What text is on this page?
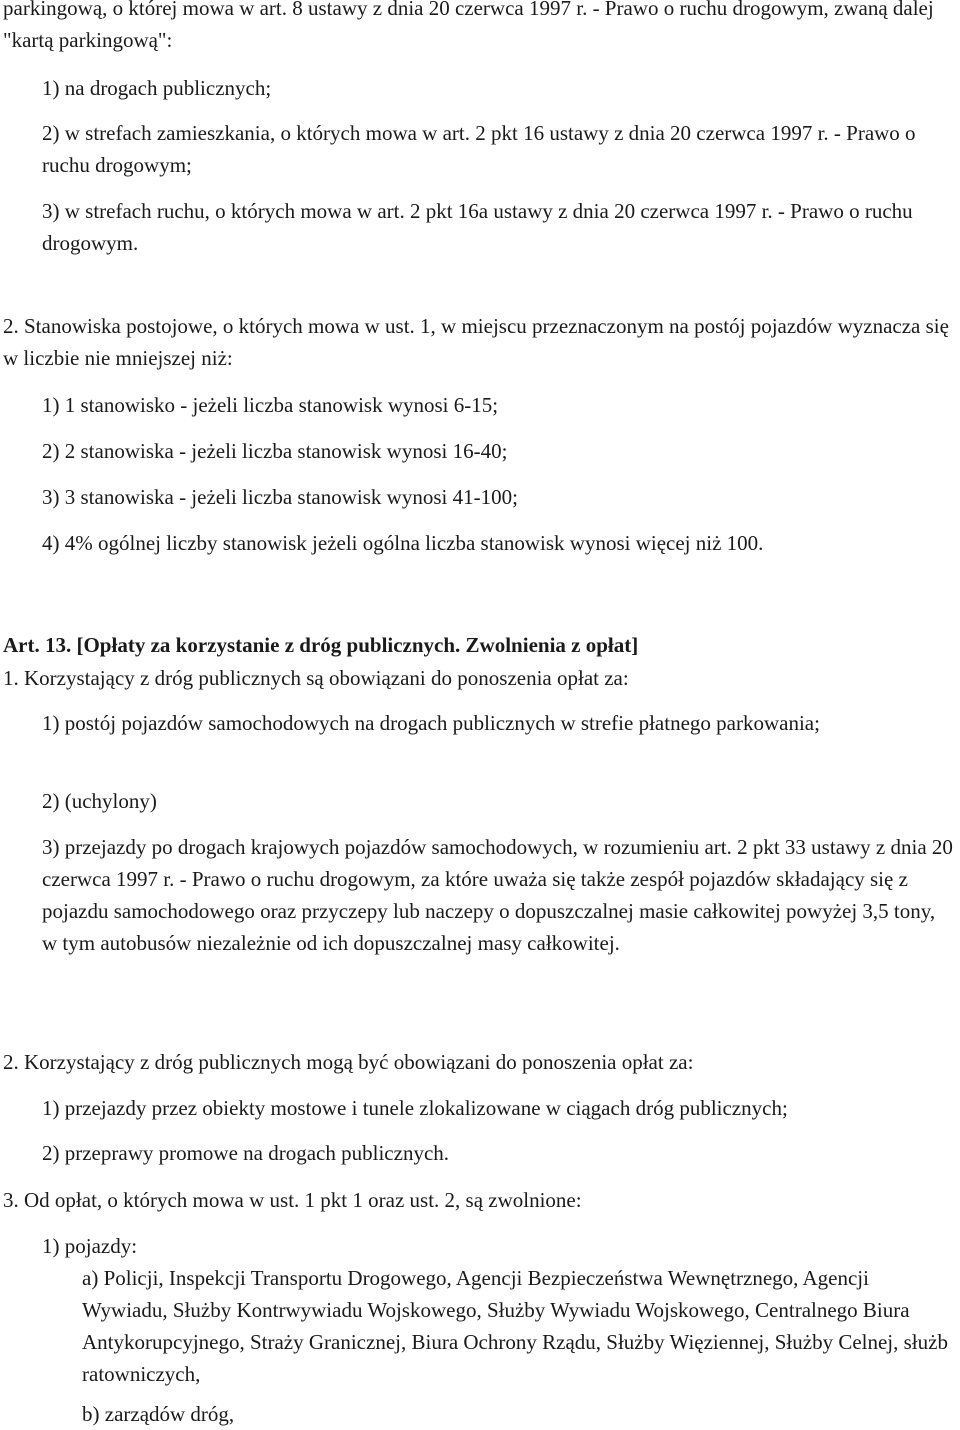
parkingową, o której mowa w art. 8 ustawy z dnia 20 czerwca 1997 r. - Prawo o ruchu drogowym, zwaną dalej "kartą parkingową":

1) na drogach publicznych;

2) w strefach zamieszkania, o których mowa w art. 2 pkt 16 ustawy z dnia 20 czerwca 1997 r. - Prawo o ruchu drogowym;

3) w strefach ruchu, o których mowa w art. 2 pkt 16a ustawy z dnia 20 czerwca 1997 r. - Prawo o ruchu drogowym.

2. Stanowiska postojowe, o których mowa w ust. 1, w miejscu przeznaczonym na postój pojazdów wyznacza się w liczbie nie mniejszej niż:

1) 1 stanowisko - jeżeli liczba stanowisk wynosi 6-15;

2) 2 stanowiska - jeżeli liczba stanowisk wynosi 16-40;

3) 3 stanowiska - jeżeli liczba stanowisk wynosi 41-100;

4) 4% ogólnej liczby stanowisk jeżeli ogólna liczba stanowisk wynosi więcej niż 100.

Art. 13. [Opłaty za korzystanie z dróg publicznych. Zwolnienia z opłat]

1. Korzystający z dróg publicznych są obowiązani do ponoszenia opłat za:

1) postój pojazdów samochodowych na drogach publicznych w strefie płatnego parkowania;

2) (uchylony)

3) przejazdy po drogach krajowych pojazdów samochodowych, w rozumieniu art. 2 pkt 33 ustawy z dnia 20 czerwca 1997 r. - Prawo o ruchu drogowym, za które uważa się także zespół pojazdów składający się z pojazdu samochodowego oraz przyczepy lub naczepy o dopuszczalnej masie całkowitej powyżej 3,5 tony, w tym autobusów niezależnie od ich dopuszczalnej masy całkowitej.

2. Korzystający z dróg publicznych mogą być obowiązani do ponoszenia opłat za:

1) przejazdy przez obiekty mostowe i tunele zlokalizowane w ciągach dróg publicznych;

2) przeprawy promowe na drogach publicznych.

3. Od opłat, o których mowa w ust. 1 pkt 1 oraz ust. 2, są zwolnione:

1) pojazdy:

a) Policji, Inspekcji Transportu Drogowego, Agencji Bezpieczeństwa Wewnętrznego, Agencji Wywiadu, Służby Kontrwywiadu Wojskowego, Służby Wywiadu Wojskowego, Centralnego Biura Antykorupcyjnego, Straży Granicznej, Biura Ochrony Rządu, Służby Więziennej, Służby Celnej, służb ratowniczych,

b) zarządów dróg,
